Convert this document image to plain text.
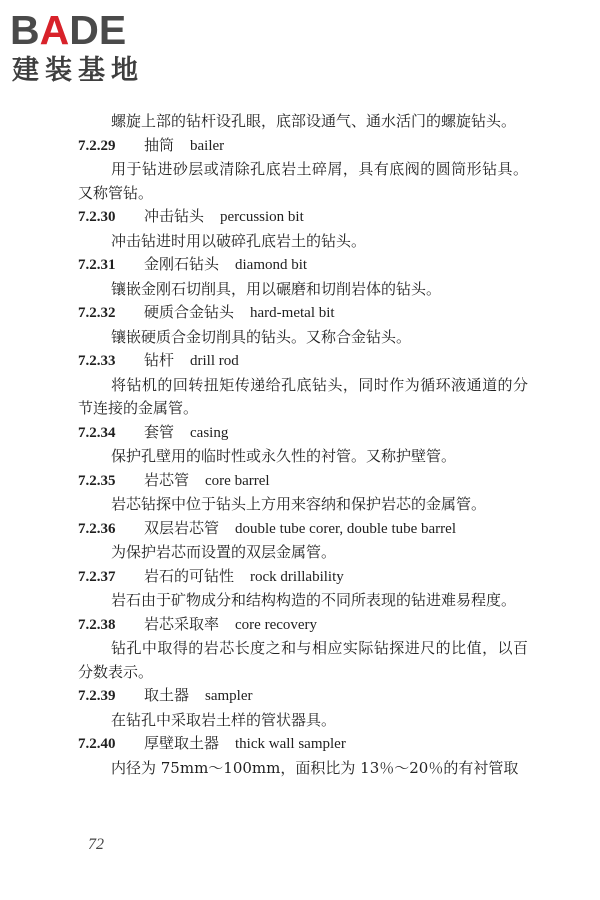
BADE
建装基地

螺旋上部的钻杆设孔眼，底部设通气、通水活门的螺旋钻头。

7.2.29 抽筒 bailer

用于钻进砂层或清除孔底岩土碎屑，具有底阀的圆筒形钻具。又称管钻。

7.2.30 冲击钻头 percussion bit

冲击钻进时用以破碎孔底岩土的钻头。

7.2.31 金刚石钻头 diamond bit

镶嵌金刚石切削具，用以碾磨和切削岩体的钻头。

7.2.32 硬质合金钻头 hard-metal bit

镶嵌硬质合金切削具的钻头。又称合金钻头。

7.2.33 钻杆 drill rod

将钻机的回转扭矩传递给孔底钻头，同时作为循环液通道的分节连接的金属管。

7.2.34 套管 casing

保护孔壁用的临时性或永久性的衬管。又称护壁管。

7.2.35 岩芯管 core barrel

岩芯钻探中位于钻头上方用来容纳和保护岩芯的金属管。

7.2.36 双层岩芯管 double tube corer, double tube barrel

为保护岩芯而设置的双层金属管。

7.2.37 岩石的可钻性 rock drillability

岩石由于矿物成分和结构构造的不同所表现的钻进难易程度。

7.2.38 岩芯采取率 core recovery

钻孔中取得的岩芯长度之和与相应实际钻探进尺的比值，以百分数表示。

7.2.39 取土器 sampler

在钻孔中采取岩土样的管状器具。

7.2.40 厚壁取土器 thick wall sampler

内径为 75mm～100mm，面积比为 13％～20％的有衬管取

72
